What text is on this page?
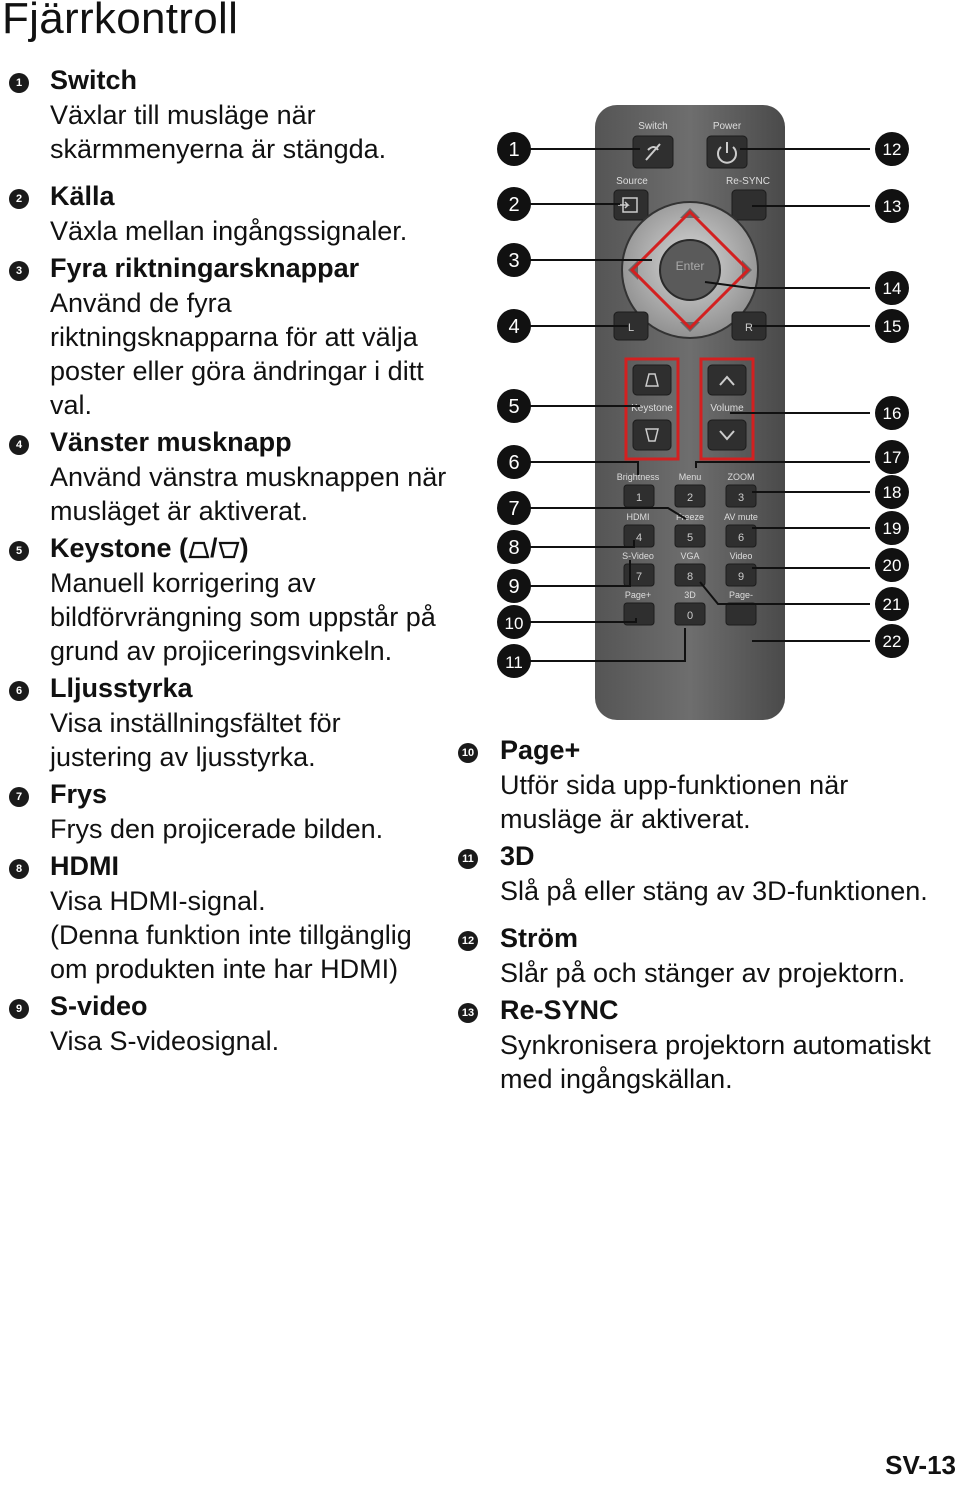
Fjärrkontroll
1 Switch
Växlar till musläge när skärmmenyerna är stängda.
2 Källa
Växla mellan ingångssignaler.
3 Fyra riktningarsknappar
Använd de fyra riktningsknapparna för att välja poster eller göra ändringar i ditt val.
4 Vänster musknapp
Använd vänstra musknappen när musläget är aktiverat.
5 Keystone ( / )
Manuell korrigering av bildförvrängning som uppstår på grund av projiceringsvinkeln.
6 Lljusstyrka
Visa inställningsfältet för justering av ljusstyrka.
7 Frys
Frys den projicerade bilden.
8 HDMI
Visa HDMI-signal.
(Denna funktion inte tillgänglig om produkten inte har HDMI)
9 S-video
Visa S-videosignal.
Switch	Power
Source	Re-SYNC
Enter
L	R
Keystone	Volume
Brightness Menu	ZOOM
1	2	3
HDMI	Freeze AV mute
4	5	6
S-Video	VGA	Video
7	8	9
Page+	3D	Page-
0
1
2
3
4
5
6
7
8
9
10
11
12
13
14
15
16
17
18
19
20
21
22
10 Page+
Utför sida upp-funktionen när musläge är aktiverat.
11 3D
Slå på eller stäng av 3D-funktionen.
12 Ström
Slår på och stänger av projektorn.
13 Re-SYNC
Synkronisera projektorn automatiskt med ingångskällan.
SV-13
